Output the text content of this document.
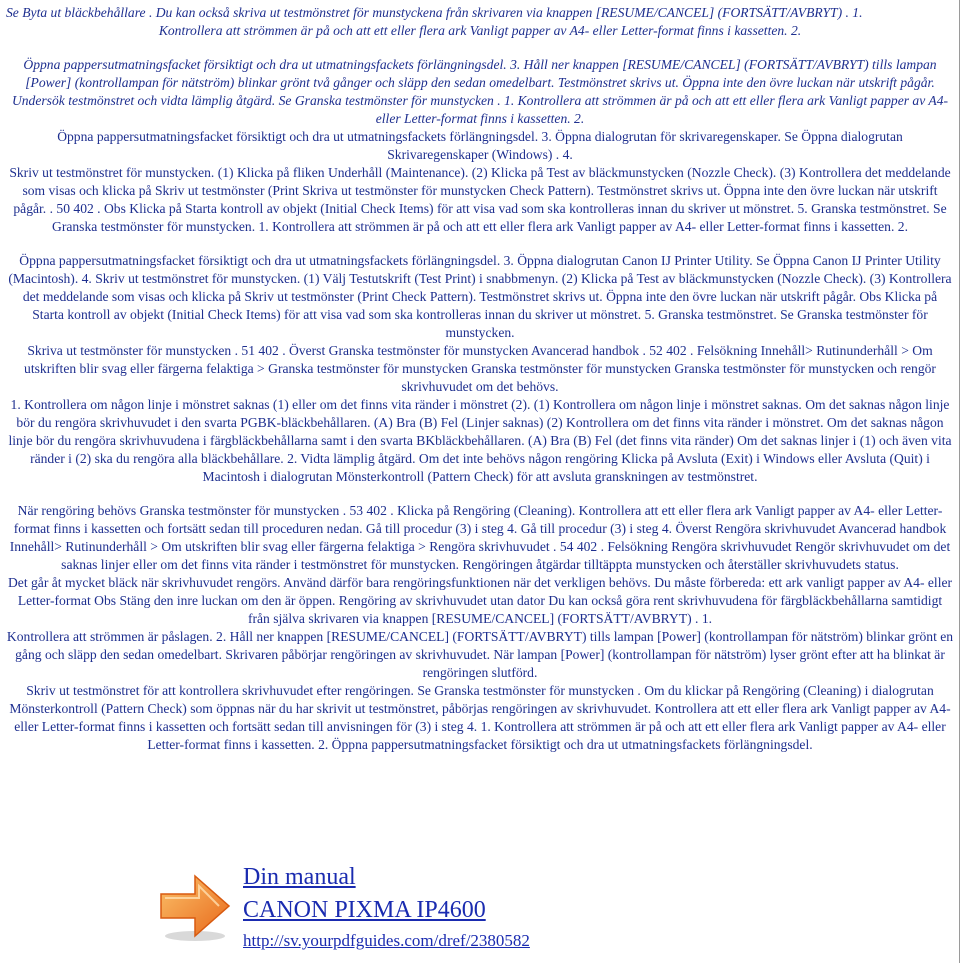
Se Byta ut bläckbehållare . Du kan också skriva ut testmönstret för munstyckena från skrivaren via knappen [RESUME/CANCEL] (FORTSÄTT/AVBRYT) . 1.

Kontrollera att strömmen är på och att ett eller flera ark Vanligt papper av A4- eller Letter-format finns i kassetten. 2.

Öppna pappersutmatningsfacket försiktigt och dra ut utmatningsfackets förlängningsdel. 3. Håll ner knappen [RESUME/CANCEL] (FORTSÄTT/AVBRYT) tills lampan [Power] (kontrollampan för nätström) blinkar grönt två gånger och släpp den sedan omedelbart. Testmönstret skrivs ut. Öppna inte den övre luckan när utskrift pågår. Undersök testmönstret och vidta lämplig åtgärd. Se Granska testmönster för munstycken . 1. Kontrollera att strömmen är på och att ett eller flera ark Vanligt papper av A4- eller Letter-format finns i kassetten. 2.

Öppna pappersutmatningsfacket försiktigt och dra ut utmatningsfackets förlängningsdel. 3. Öppna dialogrutan för skrivaregenskaper. Se Öppna dialogrutan Skrivaregenskaper (Windows) . 4.

Skriv ut testmönstret för munstycken. (1) Klicka på fliken Underhåll (Maintenance). (2) Klicka på Test av bläckmunstycken (Nozzle Check). (3) Kontrollera det meddelande som visas och klicka på Skriv ut testmönster (Print Skriva ut testmönster för munstycken Check Pattern). Testmönstret skrivs ut. Öppna inte den övre luckan när utskrift pågår. . 50 402 . Obs Klicka på Starta kontroll av objekt (Initial Check Items) för att visa vad som ska kontrolleras innan du skriver ut mönstret. 5. Granska testmönstret. Se Granska testmönster för munstycken. 1. Kontrollera att strömmen är på och att ett eller flera ark Vanligt papper av A4- eller Letter-format finns i kassetten. 2.

Öppna pappersutmatningsfacket försiktigt och dra ut utmatningsfackets förlängningsdel. 3. Öppna dialogrutan Canon IJ Printer Utility. Se Öppna Canon IJ Printer Utility (Macintosh). 4. Skriv ut testmönstret för munstycken. (1) Välj Testutskrift (Test Print) i snabbmenyn. (2) Klicka på Test av bläckmunstycken (Nozzle Check). (3) Kontrollera det meddelande som visas och klicka på Skriv ut testmönster (Print Check Pattern). Testmönstret skrivs ut. Öppna inte den övre luckan när utskrift pågår. Obs Klicka på Starta kontroll av objekt (Initial Check Items) för att visa vad som ska kontrolleras innan du skriver ut mönstret. 5. Granska testmönstret. Se Granska testmönster för munstycken.

Skriva ut testmönster för munstycken . 51 402 . Överst Granska testmönster för munstycken Avancerad handbok . 52 402 . Felsökning Innehåll> Rutinunderhåll > Om utskriften blir svag eller färgerna felaktiga > Granska testmönster för munstycken Granska testmönster för munstycken Granska testmönster för munstycken och rengör skrivhuvudet om det behövs.

1. Kontrollera om någon linje i mönstret saknas (1) eller om det finns vita ränder i mönstret (2). (1) Kontrollera om någon linje i mönstret saknas. Om det saknas någon linje bör du rengöra skrivhuvudet i den svarta PGBK-bläckbehållaren. (A) Bra (B) Fel (Linjer saknas) (2) Kontrollera om det finns vita ränder i mönstret. Om det saknas någon linje bör du rengöra skrivhuvudena i färgbläckbehållarna samt i den svarta BKbläckbehållaren. (A) Bra (B) Fel (det finns vita ränder) Om det saknas linjer i (1) och även vita ränder i (2) ska du rengöra alla bläckbehållare. 2. Vidta lämplig åtgärd. Om det inte behövs någon rengöring Klicka på Avsluta (Exit) i Windows eller Avsluta (Quit) i Macintosh i dialogrutan Mönsterkontroll (Pattern Check) för att avsluta granskningen av testmönstret.

När rengöring behövs Granska testmönster för munstycken . 53 402 . Klicka på Rengöring (Cleaning). Kontrollera att ett eller flera ark Vanligt papper av A4- eller Letter-format finns i kassetten och fortsätt sedan till proceduren nedan. Gå till procedur (3) i steg 4. Gå till procedur (3) i steg 4. Överst Rengöra skrivhuvudet Avancerad handbok Innehåll> Rutinunderhåll > Om utskriften blir svag eller färgerna felaktiga > Rengöra skrivhuvudet . 54 402 . Felsökning Rengöra skrivhuvudet Rengör skrivhuvudet om det saknas linjer eller om det finns vita ränder i testmönstret för munstycken. Rengöringen åtgärdar tilltäppta munstycken och återställer skrivhuvudets status.

Det går åt mycket bläck när skrivhuvudet rengörs. Använd därför bara rengöringsfunktionen när det verkligen behövs. Du måste förbereda: ett ark vanligt papper av A4- eller Letter-format Obs Stäng den inre luckan om den är öppen. Rengöring av skrivhuvudet utan dator Du kan också göra rent skrivhuvudena för färgbläckbehållarna samtidigt från själva skrivaren via knappen [RESUME/CANCEL] (FORTSÄTT/AVBRYT) . 1.

Kontrollera att strömmen är påslagen. 2. Håll ner knappen [RESUME/CANCEL] (FORTSÄTT/AVBRYT) tills lampan [Power] (kontrollampan för nätström) blinkar grönt en gång och släpp den sedan omedelbart. Skrivaren påbörjar rengöringen av skrivhuvudet. När lampan [Power] (kontrollampan för nätström) lyser grönt efter att ha blinkat är rengöringen slutförd.

Skriv ut testmönstret för att kontrollera skrivhuvudet efter rengöringen. Se Granska testmönster för munstycken . Om du klickar på Rengöring (Cleaning) i dialogrutan Mönsterkontroll (Pattern Check) som öppnas när du har skrivit ut testmönstret, påbörjas rengöringen av skrivhuvudet. Kontrollera att ett eller flera ark Vanligt papper av A4- eller Letter-format finns i kassetten och fortsätt sedan till anvisningen för (3) i steg 4. 1. Kontrollera att strömmen är på och att ett eller flera ark Vanligt papper av A4- eller Letter-format finns i kassetten. 2. Öppna pappersutmatningsfacket försiktigt och dra ut utmatningsfackets förlängningsdel.

Din manual
CANON PIXMA IP4600
http://sv.yourpdfguides.com/dref/2380582
